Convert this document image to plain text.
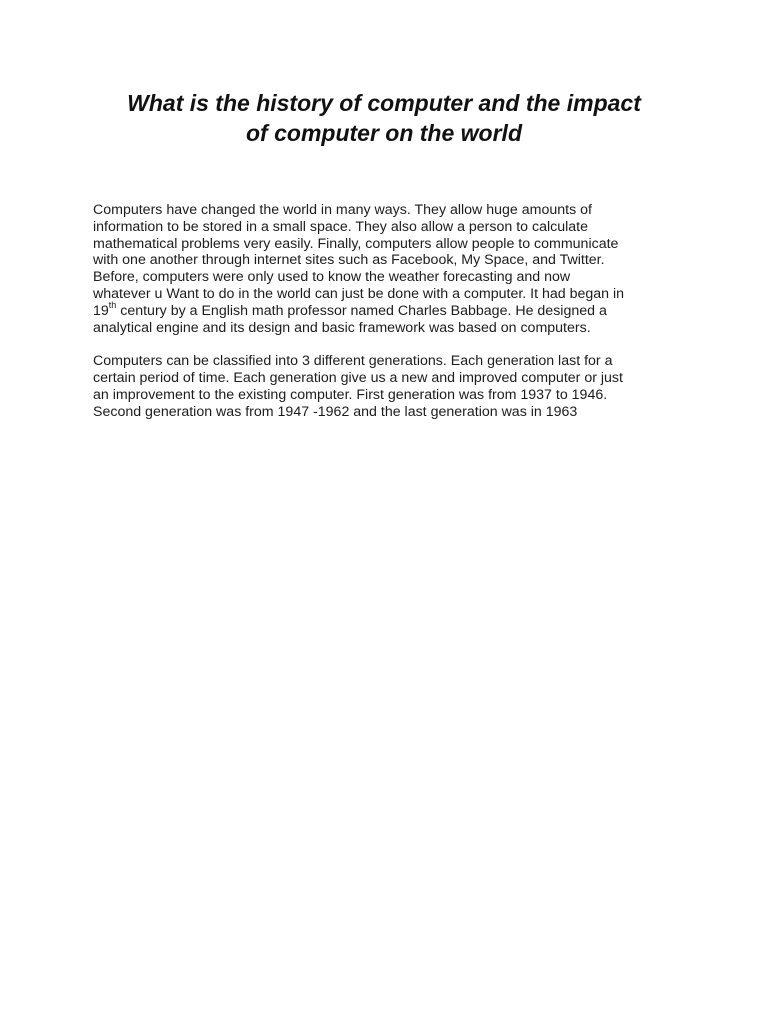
What is the history of computer and the impact
of computer on the world

Computers have changed the world in many ways. They allow huge amounts of
information to be stored in a small space. They also allow a person to calculate
mathematical problems very easily. Finally, computers allow people to communicate
with one another through internet sites such as Facebook, My Space, and Twitter.
Before, computers were only used to know the weather forecasting and now
whatever u Want to do in the world can just be done with a computer. It had began in
19th century by a English math professor named Charles Babbage. He designed a
analytical engine and its design and basic framework was based on computers.

Computers can be classified into 3 different generations. Each generation last for a
certain period of time. Each generation give us a new and improved computer or just
an improvement to the existing computer. First generation was from 1937 to 1946.
Second generation was from 1947 -1962 and the last generation was in 1963
